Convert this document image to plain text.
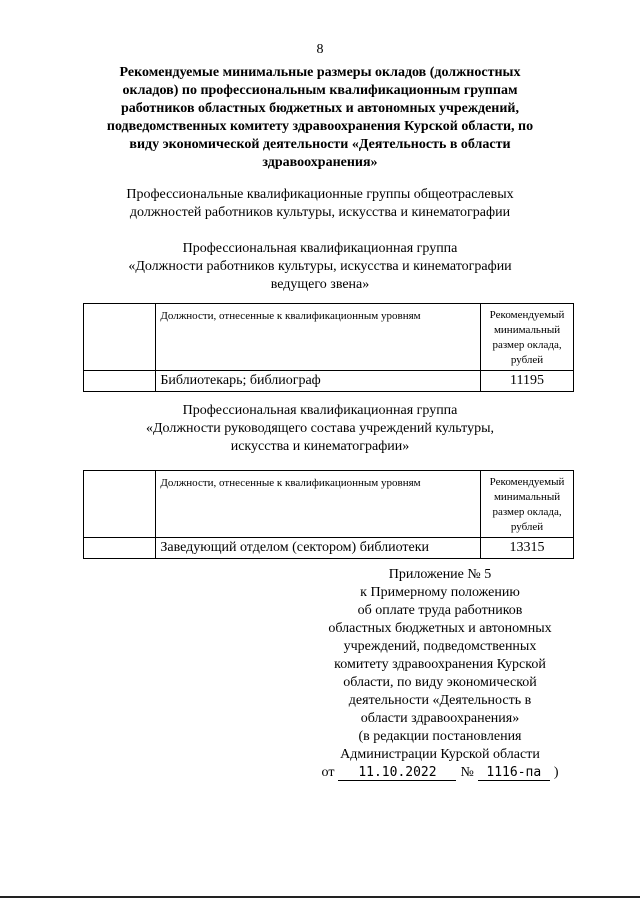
8
Рекомендуемые минимальные размеры окладов (должностных
окладов) по профессиональным квалификационным группам
работников областных бюджетных и автономных учреждений,
подведомственных комитету здравоохранения Курской области, по
виду экономической деятельности «Деятельность в области
здравоохранения»
Профессиональные квалификационные группы общеотраслевых
должностей работников культуры, искусства и кинематографии
Профессиональная квалификационная группа
«Должности работников культуры, искусства и кинематографии
ведущего звена»
	Должности, отнесенные к квалификационным уровням	Рекомендуемый
минимальный
размер оклада,
рублей

	Библиотекарь; библиограф	11195
Профессиональная квалификационная группа
«Должности руководящего состава учреждений культуры,
искусства и кинематографии»
	Должности, отнесенные к квалификационным уровням	Рекомендуемый
минимальный
размер оклада,
рублей

	Заведующий отделом (сектором) библиотеки	13315
Приложение № 5
к Примерному положению
об оплате труда работников
областных бюджетных и автономных
учреждений, подведомственных
комитету здравоохранения Курской
области, по виду экономической
деятельности «Деятельность в
области здравоохранения»
(в редакции постановления
Администрации Курской области
от	11.10.2022	№ 1116-па )
